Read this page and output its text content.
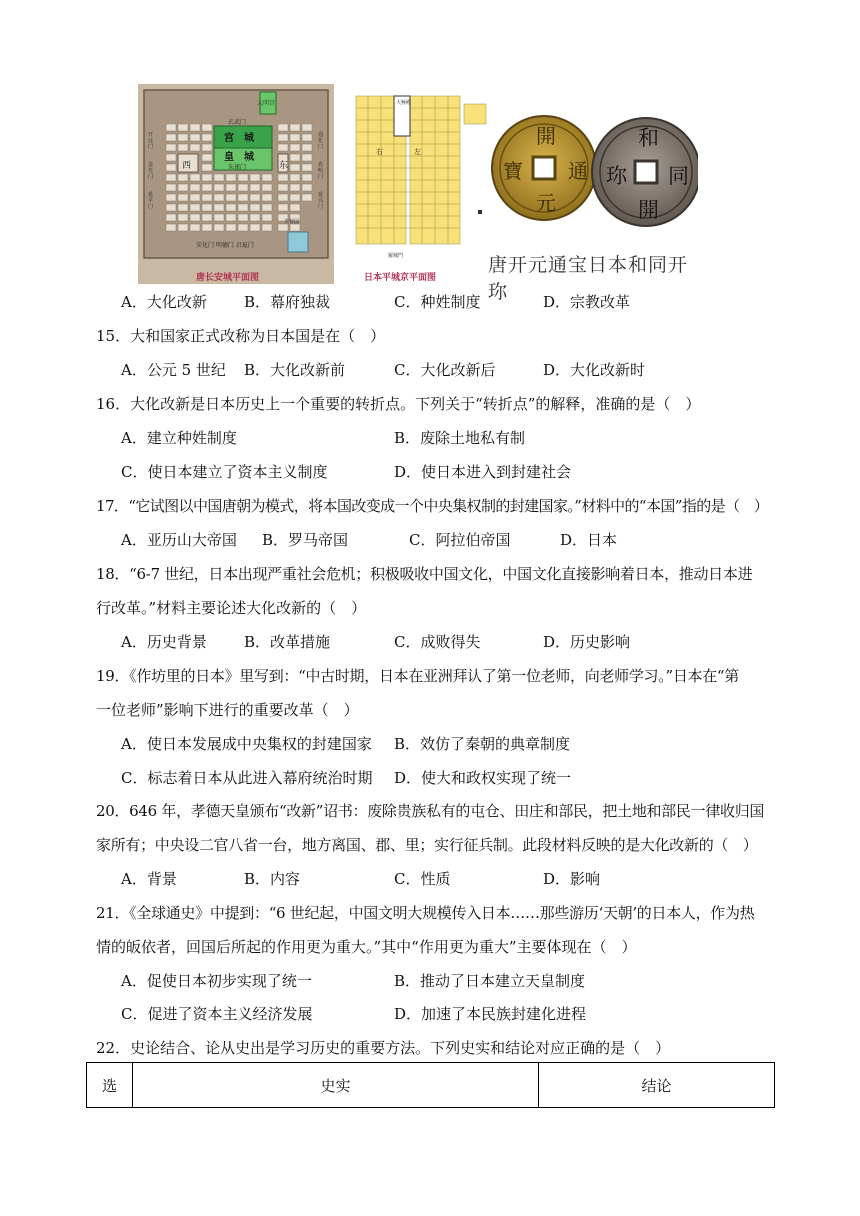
大明宫
玄武门
宫　城
皇　城
朱雀门
西	东
开远门
金光门
延平门
通化门
春明门
延兴门
安化门 明德门 启夏门
芙蓉园
唐长安城平面图
大極殿
右	左
羅城門
日本平城京平面图
開
元
通
寶
和
同
開
珎
唐开元通宝日本和同开珎
A．大化改新 B．幕府独裁	C．种姓制度	D．宗教改革
15．大和国家正式改称为日本国是在（　）
A．公元 5 世纪 B．大化改新前	C．大化改新后	D．大化改新时
16．大化改新是日本历史上一个重要的转折点。下列关于“转折点”的解释，准确的是（　）
A．建立种姓制度	B．废除土地私有制
C．使日本建立了资本主义制度	D．使日本进入到封建社会
17．“它试图以中国唐朝为模式，将本国改变成一个中央集权制的封建国家。”材料中的“本国”指的是（　）
A．亚历山大帝国 B．罗马帝国	C．阿拉伯帝国	D．日本
18．“6-7 世纪，日本出现严重社会危机；积极吸收中国文化，中国文化直接影响着日本，推动日本进
行改革。”材料主要论述大化改新的（　）
A．历史背景 B．改革措施	C．成败得失	D．历史影响
19．《作坊里的日本》里写到：“中古时期，日本在亚洲拜认了第一位老师，向老师学习。”日本在“第
一位老师”影响下进行的重要改革（　）
A．使日本发展成中央集权的封建国家 B．效仿了秦朝的典章制度
C．标志着日本从此进入幕府统治时期 D．使大和政权实现了统一
20．646 年，孝德天皇颁布“改新”诏书：废除贵族私有的屯仓、田庄和部民，把土地和部民一律收归国
家所有；中央设二官八省一台，地方离国、郡、里；实行征兵制。此段材料反映的是大化改新的（　）
A．背景	B．内容	C．性质	D．影响
21．《全球通史》中提到：“6 世纪起，中国文明大规模传入日本……那些游历‘天朝’的日本人，作为热
情的皈依者，回国后所起的作用更为重大。”其中“作用更为重大”主要体现在（　）
A．促使日本初步实现了统一	B．推动了日本建立天皇制度
C．促进了资本主义经济发展	D．加速了本民族封建化进程
22．史论结合、论从史出是学习历史的重要方法。下列史实和结论对应正确的是（　）
选	史实	结论
